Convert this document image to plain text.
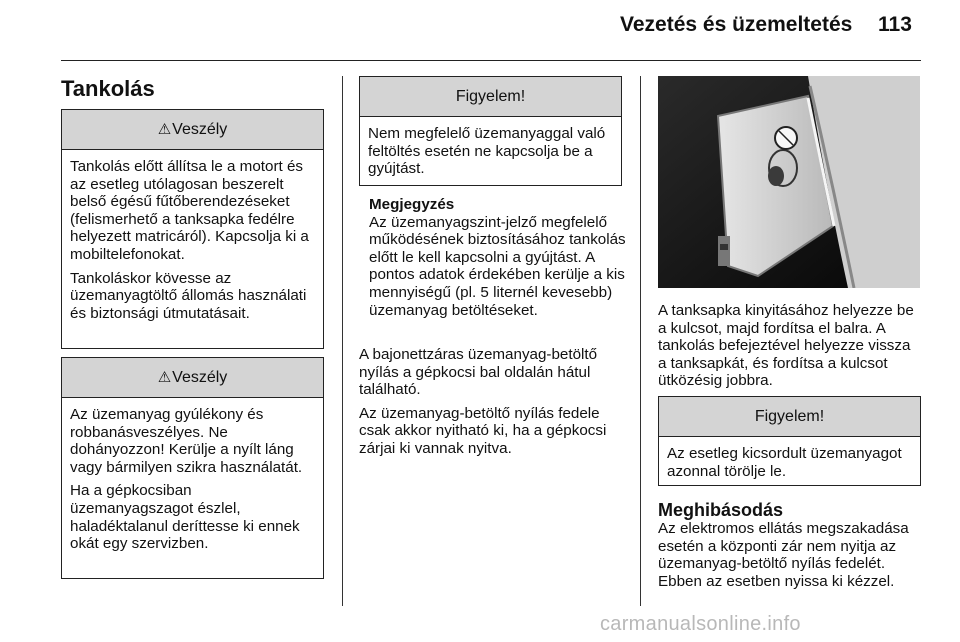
Vezetés és üzemeltetés	113
Tankolás
⚠Veszély

Tankolás előtt állítsa le a motort és az esetleg utólagosan beszerelt belső égésű fűtőberendezéseket (felismerhető a tanksapka fedélre helyezett matricáról). Kapcsolja ki a mobiltelefonokat.

Tankoláskor kövesse az üzemanyagtöltő állomás használati és biztonsági útmutatásait.

⚠Veszély

Az üzemanyag gyúlékony és robbanásveszélyes. Ne dohányozzon! Kerülje a nyílt láng vagy bármilyen szikra használatát.

Ha a gépkocsiban üzemanyagszagot észlel, haladéktalanul deríttesse ki ennek okát egy szervizben.

Figyelem!

Nem megfelelő üzemanyaggal való feltöltés esetén ne kapcsolja be a gyújtást.

Megjegyzés
Az üzemanyagszint-jelző megfelelő működésének biztosításához tankolás előtt le kell kapcsolni a gyújtást. A pontos adatok érdekében kerülje a kis mennyiségű (pl. 5 liternél kevesebb) üzemanyag betöltéseket.

A bajonettzáras üzemanyag-betöltő nyílás a gépkocsi bal oldalán hátul található.

Az üzemanyag-betöltő nyílás fedele csak akkor nyitható ki, ha a gépkocsi zárjai ki vannak nyitva.

A tanksapka kinyitásához helyezze be a kulcsot, majd fordítsa el balra. A tankolás befejeztével helyezze vissza a tanksapkát, és fordítsa a kulcsot ütközésig jobbra.
Figyelem!

Az esetleg kicsordult üzemanyagot azonnal törölje le.

Meghibásodás
Az elektromos ellátás megszakadása esetén a központi zár nem nyitja az üzemanyag-betöltő nyílás fedelét. Ebben az esetben nyissa ki kézzel.
carmanualsonline.info
